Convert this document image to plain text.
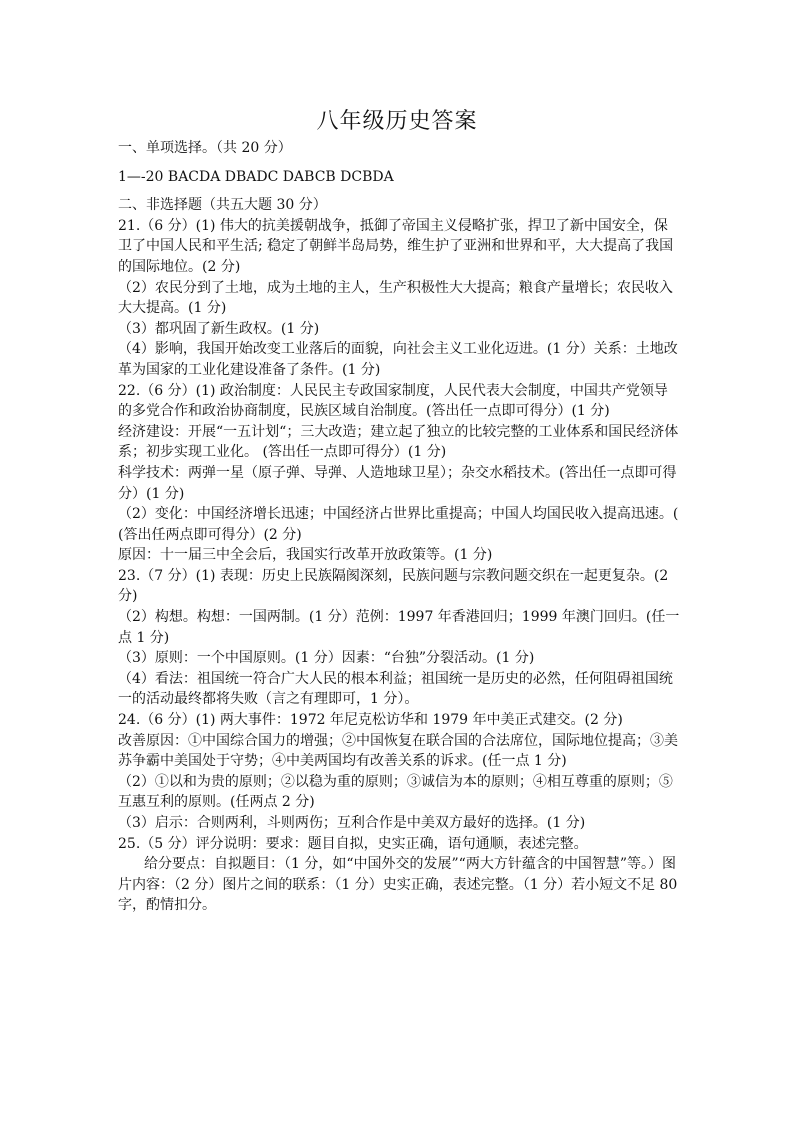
八年级历史答案

一、单项选择。（共 20 分）

1—-20 BACDA DBADC DABCB DCBDA

二、非选择题（共五大题 30 分）

21.（6 分）(1) 伟大的抗美援朝战争，抵御了帝国主义侵略扩张，捍卫了新中国安全，保卫了中国人民和平生活; 稳定了朝鲜半岛局势，维生护了亚洲和世界和平，大大提高了我国的国际地位。(2 分)

（2）农民分到了土地，成为土地的主人，生产积极性大大提高；粮食产量增长；农民收入大大提高。(1 分)

（3）都巩固了新生政权。(1 分)

（4）影响，我国开始改变工业落后的面貌，向社会主义工业化迈进。(1 分）关系：土地改革为国家的工业化建设准备了条件。(1 分)

22.（6 分）(1) 政治制度：人民民主专政国家制度，人民代表大会制度，中国共产党领导的多党合作和政治协商制度，民族区域自治制度。(答出任一点即可得分）(1 分)

经济建设：开展“一五计划“；三大改造；建立起了独立的比较完整的工业体系和国民经济体系；初步实现工业化。 (答出任一点即可得分）(1 分)

科学技术：两弹一星（原子弹、导弹、人造地球卫星）；杂交水稻技术。(答出任一点即可得分）(1 分)

（2）变化：中国经济增长迅速；中国经济占世界比重提高；中国人均国民收入提高迅速。( (答出任两点即可得分）(2 分)

原因：十一届三中全会后，我国实行改革开放政策等。(1 分)

23.（7 分）(1) 表现：历史上民族隔阂深刻，民族问题与宗教问题交织在一起更复杂。(2 分)

（2）构想。构想：一国两制。(1 分）范例：1997 年香港回归；1999 年澳门回归。(任一点 1 分)

（3）原则：一个中国原则。(1 分）因素：“台独”分裂活动。(1 分)

（4）看法：祖国统一符合广大人民的根本利益；祖国统一是历史的必然，任何阻碍祖国统一的活动最终都将失败（言之有理即可，1 分）。

24.（6 分）(1) 两大事件：1972 年尼克松访华和 1979 年中美正式建交。(2 分)

改善原因：①中国综合国力的增强；②中国恢复在联合国的合法席位，国际地位提高；③美苏争霸中美国处于守势；④中美两国均有改善关系的诉求。(任一点 1 分)

（2）①以和为贵的原则；②以稳为重的原则；③诚信为本的原则；④相互尊重的原则；⑤互惠互利的原则。(任两点 2 分)

（3）启示：合则两利，斗则两伤；互利合作是中美双方最好的选择。(1 分)

25.（5 分）评分说明：要求：题目自拟，史实正确，语句通顺，表述完整。

给分要点：自拟题目：（1 分，如“中国外交的发展”“两大方针蕴含的中国智慧”等。）图片内容：（2 分）图片之间的联系：（1 分）史实正确，表述完整。（1 分）若小短文不足 80 字，酌情扣分。
